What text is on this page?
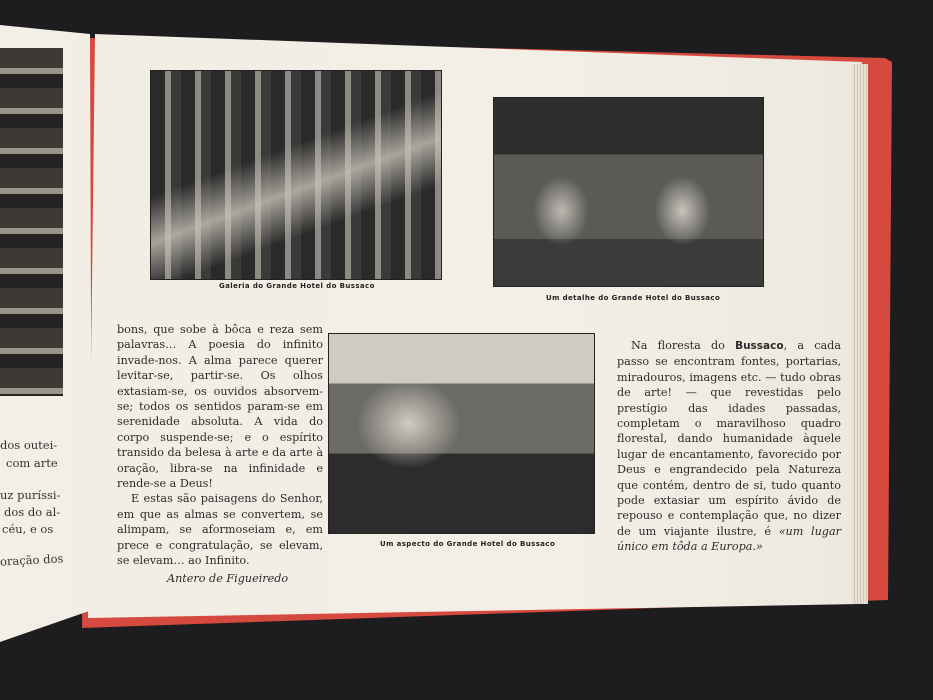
dos outei-
com arte
uz puríssi-
dos do al-
céu, e os
oração dos
Galeria do Grande Hotel do Bussaco
Um detalhe do Grande Hotel do Bussaco
Um aspecto do Grande Hotel do Bussaco

bons, que sobe à bôca e reza sem palavras… A poesia do infinito invade-nos. A alma parece querer levitar-se, partir-se. Os olhos extasiam-se, os ouvidos absorvem-se; todos os sentidos param-se em serenidade absoluta. A vida do corpo suspende-se; e o espírito transido da belesa à arte e da arte à oração, libra-se na infinidade e rende-se a Deus!

E estas são paisagens do Senhor, em que as almas se convertem, se alimpam, se aformoseiam e, em prece e congratulação, se elevam, se elevam… ao Infinito.

Antero de Figueiredo

Na floresta do Bussaco, a cada passo se encontram fontes, portarias, miradouros, imagens etc. — tudo obras de arte! — que revestidas pelo prestígio das idades passadas, completam o maravilhoso quadro florestal, dando humanidade àquele lugar de encantamento, favorecido por Deus e engrandecido pela Natureza que contém, dentro de si, tudo quanto pode extasiar um espírito ávido de repouso e contemplação que, no dizer de um viajante ilustre, é «um lugar único em tôda a Europa.»
